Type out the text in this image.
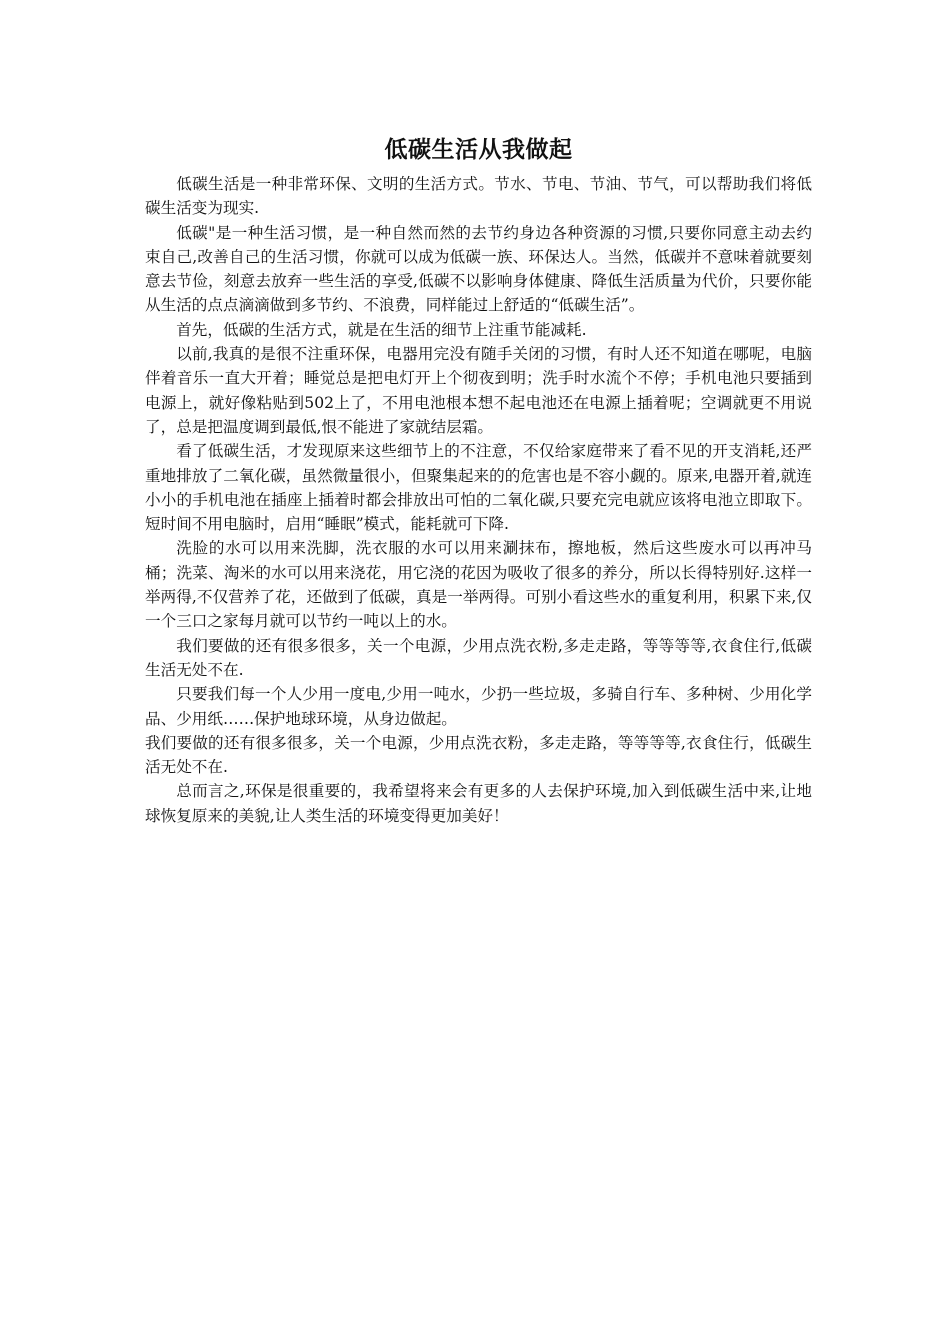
低碳生活从我做起

低碳生活是一种非常环保、文明的生活方式。节水、节电、节油、节气，可以帮助我们将低碳生活变为现实.

低碳"是一种生活习惯，是一种自然而然的去节约身边各种资源的习惯,只要你同意主动去约束自己,改善自己的生活习惯，你就可以成为低碳一族、环保达人。当然，低碳并不意味着就要刻意去节俭，刻意去放弃一些生活的享受,低碳不以影响身体健康、降低生活质量为代价，只要你能从生活的点点滴滴做到多节约、不浪费，同样能过上舒适的“低碳生活”。

首先，低碳的生活方式，就是在生活的细节上注重节能减耗.

以前,我真的是很不注重环保，电器用完没有随手关闭的习惯，有时人还不知道在哪呢，电脑伴着音乐一直大开着；睡觉总是把电灯开上个彻夜到明；洗手时水流个不停；手机电池只要插到电源上，就好像粘贴到502上了，不用电池根本想不起电池还在电源上插着呢；空调就更不用说了，总是把温度调到最低,恨不能进了家就结层霜。

看了低碳生活，才发现原来这些细节上的不注意，不仅给家庭带来了看不见的开支消耗,还严重地排放了二氧化碳，虽然微量很小，但聚集起来的的危害也是不容小觑的。原来,电器开着,就连小小的手机电池在插座上插着时都会排放出可怕的二氧化碳,只要充完电就应该将电池立即取下。短时间不用电脑时，启用“睡眠”模式，能耗就可下降.

洗脸的水可以用来洗脚，洗衣服的水可以用来涮抹布，擦地板，然后这些废水可以再冲马桶；洗菜、淘米的水可以用来浇花，用它浇的花因为吸收了很多的养分，所以长得特别好.这样一举两得,不仅营养了花，还做到了低碳，真是一举两得。可别小看这些水的重复利用，积累下来,仅一个三口之家每月就可以节约一吨以上的水。

我们要做的还有很多很多，关一个电源，少用点洗衣粉,多走走路，等等等等,衣食住行,低碳生活无处不在.

只要我们每一个人少用一度电,少用一吨水，少扔一些垃圾，多骑自行车、多种树、少用化学品、少用纸……保护地球环境，从身边做起。

我们要做的还有很多很多，关一个电源，少用点洗衣粉，多走走路，等等等等,衣食住行，低碳生活无处不在.

总而言之,环保是很重要的，我希望将来会有更多的人去保护环境,加入到低碳生活中来,让地球恢复原来的美貌,让人类生活的环境变得更加美好！
